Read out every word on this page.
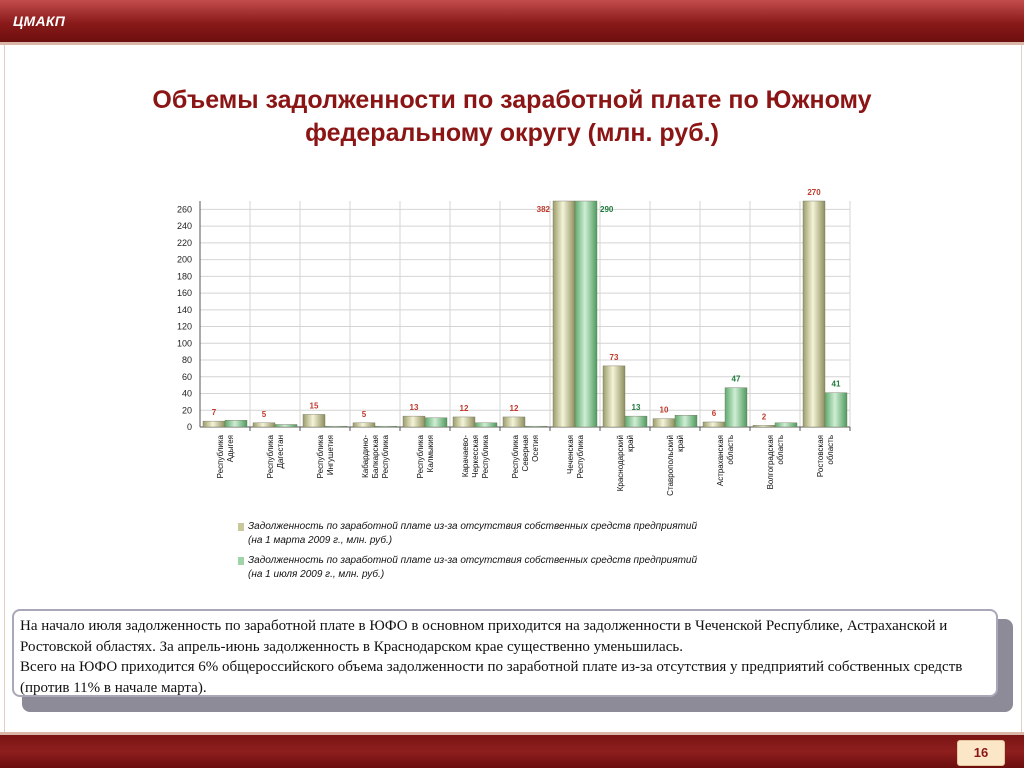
ЦМАКП
Объемы задолженности по заработной плате по Южному федеральному округу (млн. руб.)
0
20
40
60
80
100
120
140
160
180
200
220
240
260
7	5
15
5
13	12	12
382
73
10	6	2
270
290
13
47
41
РеспубликаАдыгея	РеспубликаДагестан	РеспубликаИнгушетия	Кабардино-БалкарскаяРеспублика	РеспубликаКалмыкия	Карачаево-ЧеркесскаяРеспублика	РеспубликаСевернаяОсетия	ЧеченскаяРеспублика	Краснодарскийкрай	Ставропольскийкрай	Астраханскаяобласть	Волгоградскаяобласть	Ростовскаяобласть
Задолженность по заработной плате из-за отсутствия собственных средств предприятий
(на 1 марта 2009 г., млн. руб.)
Задолженность по заработной плате из-за отсутствия собственных средств предприятий
(на 1 июля 2009 г., млн. руб.)

На начало июля задолженность по заработной плате в ЮФО в основном приходится на задолженности в Чеченской Республике, Астраханской и Ростовской областях. За апрель-июнь задолженность в Краснодарском крае существенно уменьшилась.

Всего на ЮФО приходится 6% общероссийского объема задолженности по заработной плате из-за отсутствия у предприятий собственных средств (против 11% в начале марта).

16
